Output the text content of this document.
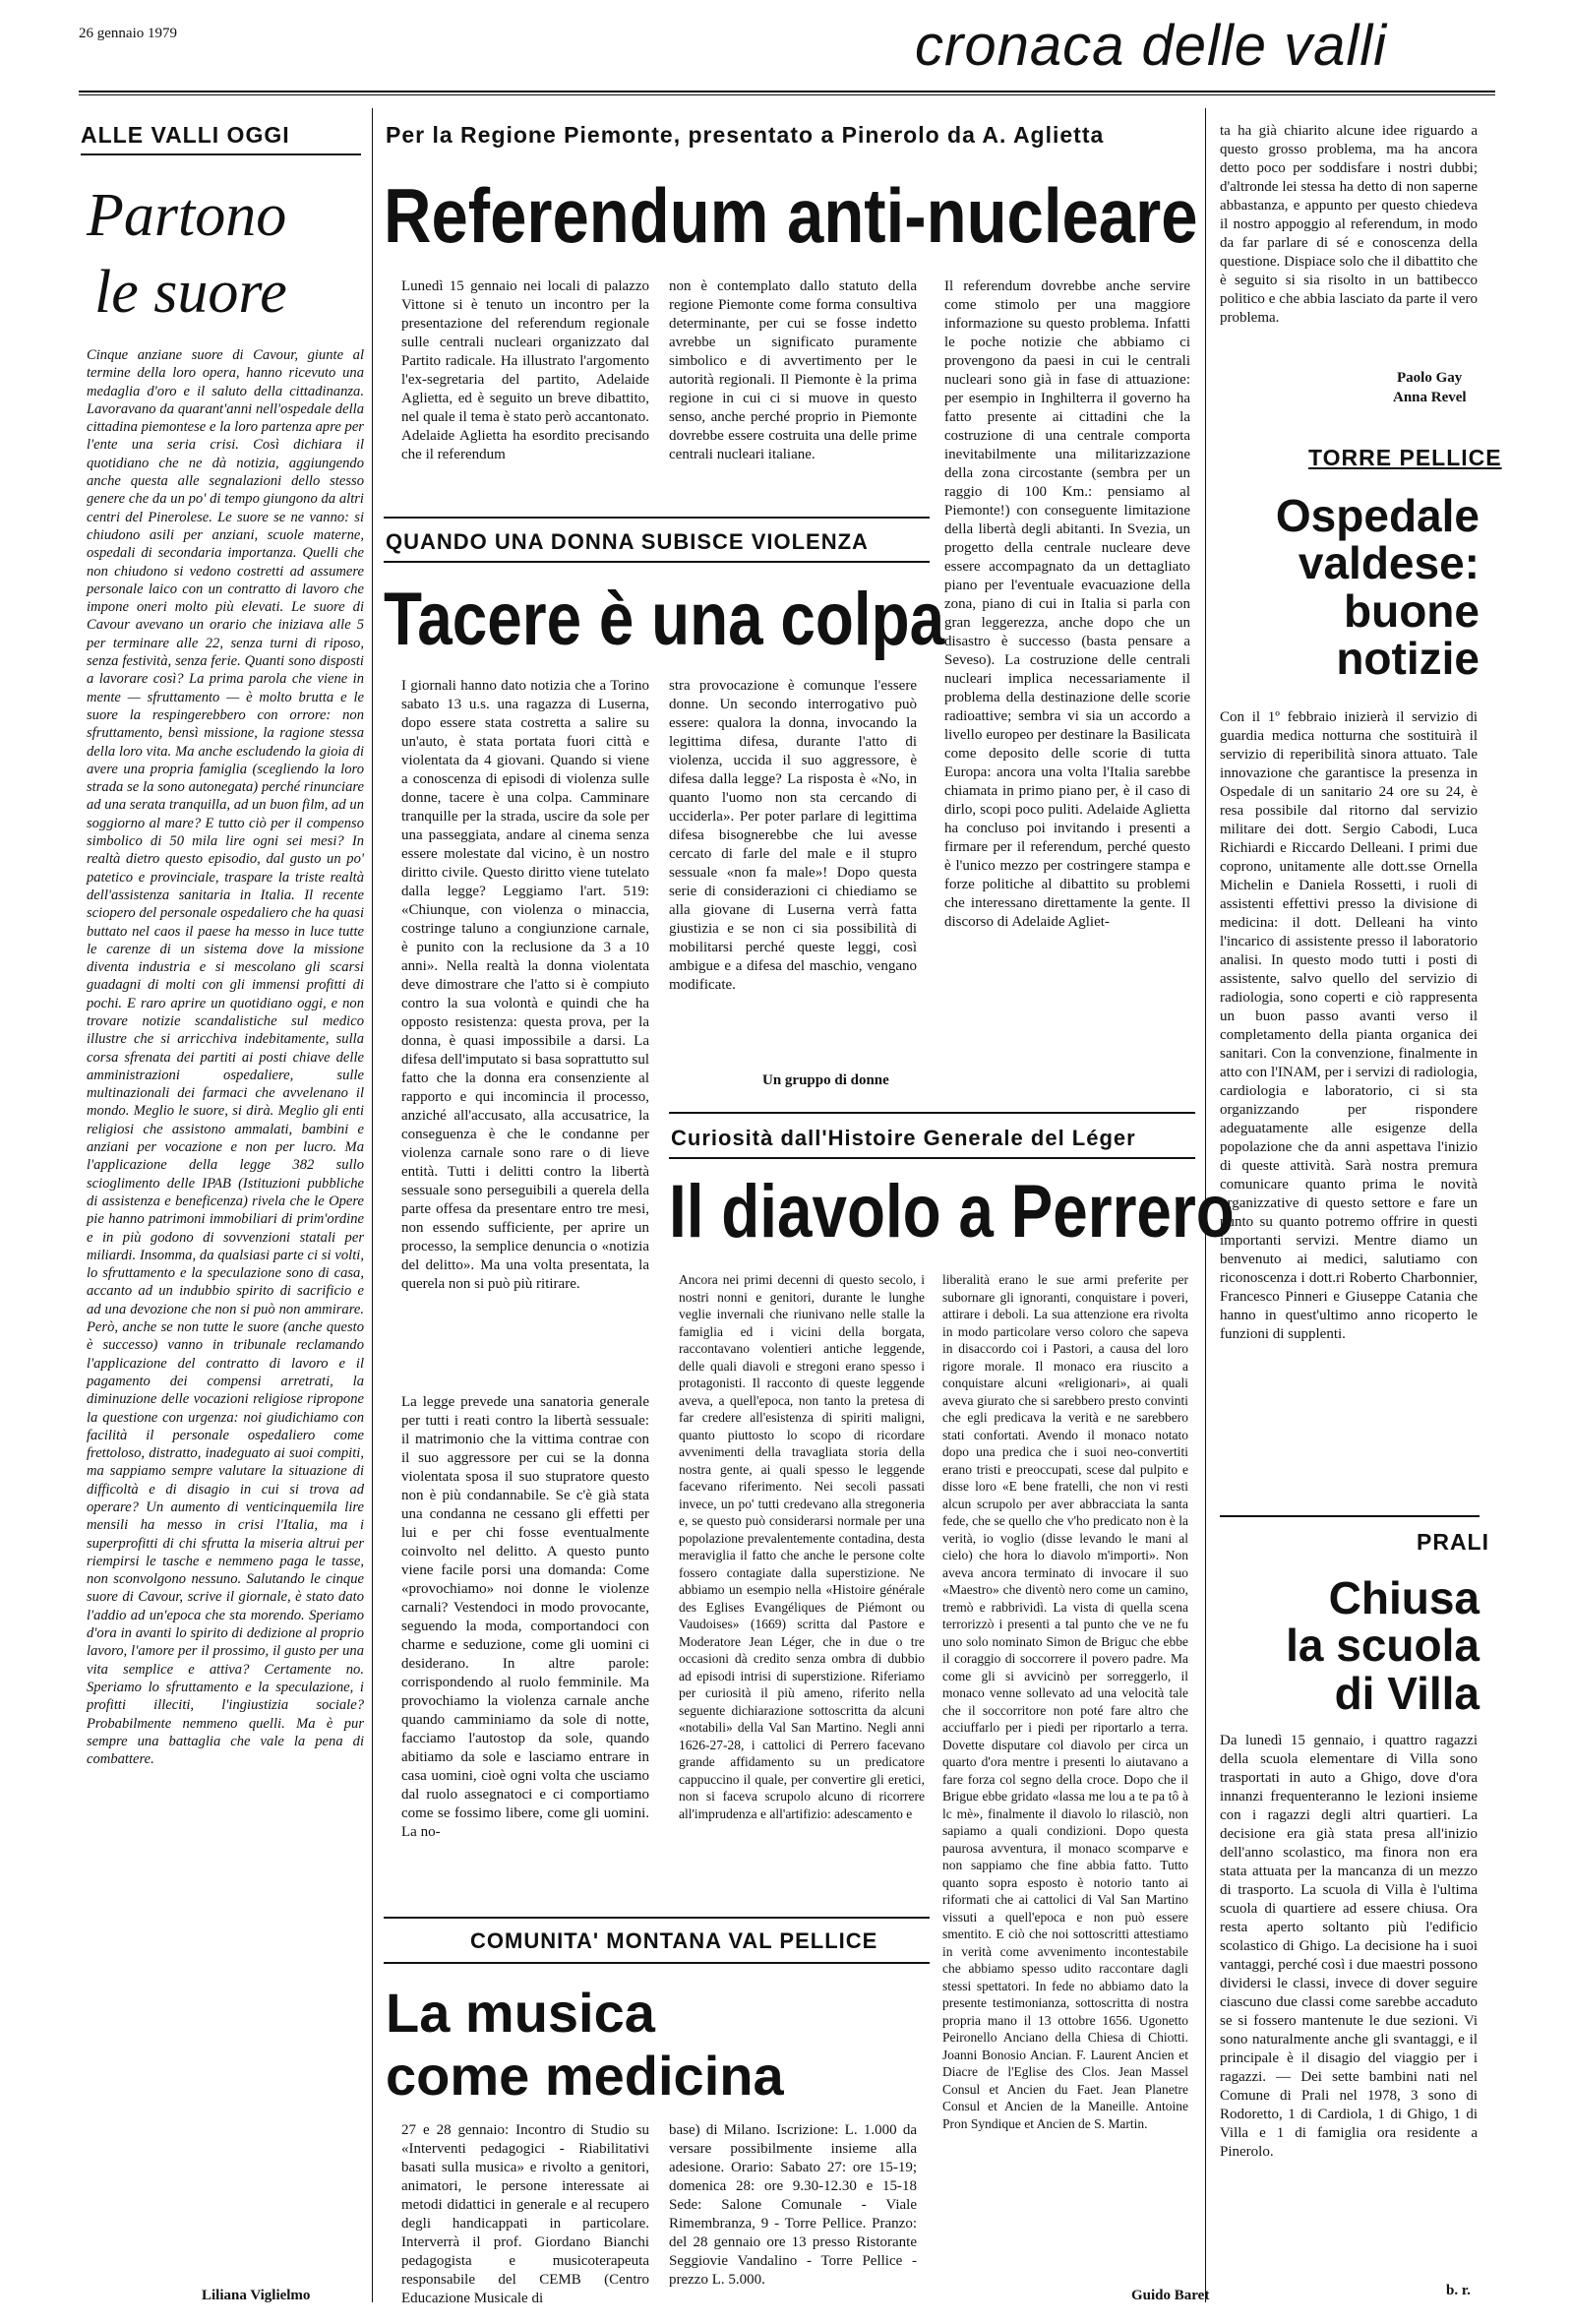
26 gennaio 1979	cronaca delle valli
ALLE VALLI OGGI
Partono
le suore
Cinque anziane suore di Cavour, giunte al termine della loro opera, hanno ricevuto una medaglia d'oro e il saluto della cittadinanza. Lavoravano da quarant'anni nell'ospedale della cittadina piemontese e la loro partenza apre per l'ente una seria crisi. Così dichiara il quotidiano che ne dà notizia, aggiungendo anche questa alle segnalazioni dello stesso genere che da un po' di tempo giungono da altri centri del Pinerolese. Le suore se ne vanno: si chiudono asili per anziani, scuole materne, ospedali di secondaria importanza. Quelli che non chiudono si vedono costretti ad assumere personale laico con un contratto di lavoro che impone oneri molto più elevati. Le suore di Cavour avevano un orario che iniziava alle 5 per terminare alle 22, senza turni di riposo, senza festività, senza ferie. Quanti sono disposti a lavorare così? La prima parola che viene in mente — sfruttamento — è molto brutta e le suore la respingerebbero con orrore: non sfruttamento, bensì missione, la ragione stessa della loro vita. Ma anche escludendo la gioia di avere una propria famiglia (scegliendo la loro strada se la sono autonegata) perché rinunciare ad una serata tranquilla, ad un buon film, ad un soggiorno al mare? E tutto ciò per il compenso simbolico di 50 mila lire ogni sei mesi? In realtà dietro questo episodio, dal gusto un po' patetico e provinciale, traspare la triste realtà dell'assistenza sanitaria in Italia. Il recente sciopero del personale ospedaliero che ha quasi buttato nel caos il paese ha messo in luce tutte le carenze di un sistema dove la missione diventa industria e si mescolano gli scarsi guadagni di molti con gli immensi profitti di pochi. E raro aprire un quotidiano oggi, e non trovare notizie scandalistiche sul medico illustre che si arricchiva indebitamente, sulla corsa sfrenata dei partiti ai posti chiave delle amministrazioni ospedaliere, sulle multinazionali dei farmaci che avvelenano il mondo. Meglio le suore, si dirà. Meglio gli enti religiosi che assistono ammalati, bambini e anziani per vocazione e non per lucro. Ma l'applicazione della legge 382 sullo scioglimento delle IPAB (Istituzioni pubbliche di assistenza e beneficenza) rivela che le Opere pie hanno patrimoni immobiliari di prim'ordine e in più godono di sovvenzioni statali per miliardi. Insomma, da qualsiasi parte ci si volti, lo sfruttamento e la speculazione sono di casa, accanto ad un indubbio spirito di sacrificio e ad una devozione che non si può non ammirare. Però, anche se non tutte le suore (anche questo è successo) vanno in tribunale reclamando l'applicazione del contratto di lavoro e il pagamento dei compensi arretrati, la diminuzione delle vocazioni religiose ripropone la questione con urgenza: noi giudichiamo con facilità il personale ospedaliero come frettoloso, distratto, inadeguato ai suoi compiti, ma sappiamo sempre valutare la situazione di difficoltà e di disagio in cui si trova ad operare? Un aumento di venticinquemila lire mensili ha messo in crisi l'Italia, ma i superprofitti di chi sfrutta la miseria altrui per riempirsi le tasche e nemmeno paga le tasse, non sconvolgono nessuno. Salutando le cinque suore di Cavour, scrive il giornale, è stato dato l'addio ad un'epoca che sta morendo. Speriamo d'ora in avanti lo spirito di dedizione al proprio lavoro, l'amore per il prossimo, il gusto per una vita semplice e attiva? Certamente no. Speriamo lo sfruttamento e la speculazione, i profitti illeciti, l'ingiustizia sociale? Probabilmente nemmeno quelli. Ma è pur sempre una battaglia che vale la pena di combattere.
Liliana Viglielmo
Per la Regione Piemonte, presentato a Pinerolo da A. Aglietta
Referendum anti-nucleare
Lunedì 15 gennaio nei locali di palazzo Vittone si è tenuto un incontro per la presentazione del referendum regionale sulle centrali nucleari organizzato dal Partito radicale. Ha illustrato l'argomento l'ex-segretaria del partito, Adelaide Aglietta, ed è seguito un breve dibattito, nel quale il tema è stato però accantonato. Adelaide Aglietta ha esordito precisando che il referendum
non è contemplato dallo statuto della regione Piemonte come forma consultiva determinante, per cui se fosse indetto avrebbe un significato puramente simbolico e di avvertimento per le autorità regionali. Il Piemonte è la prima regione in cui ci si muove in questo senso, anche perché proprio in Piemonte dovrebbe essere costruita una delle prime centrali nucleari italiane.
Il referendum dovrebbe anche servire come stimolo per una maggiore informazione su questo problema. Infatti le poche notizie che abbiamo ci provengono da paesi in cui le centrali nucleari sono già in fase di attuazione: per esempio in Inghilterra il governo ha fatto presente ai cittadini che la costruzione di una centrale comporta inevitabilmente una militarizzazione della zona circostante (sembra per un raggio di 100 Km.: pensiamo al Piemonte!) con conseguente limitazione della libertà degli abitanti. In Svezia, un progetto della centrale nucleare deve essere accompagnato da un dettagliato piano per l'eventuale evacuazione della zona, piano di cui in Italia si parla con gran leggerezza, anche dopo che un disastro è successo (basta pensare a Seveso). La costruzione delle centrali nucleari implica necessariamente il problema della destinazione delle scorie radioattive; sembra vi sia un accordo a livello europeo per destinare la Basilicata come deposito delle scorie di tutta Europa: ancora una volta l'Italia sarebbe chiamata in primo piano per, è il caso di dirlo, scopi poco puliti. Adelaide Aglietta ha concluso poi invitando i presenti a firmare per il referendum, perché questo è l'unico mezzo per costringere stampa e forze politiche al dibattito su problemi che interessano direttamente la gente. Il discorso di Adelaide Agliet-
ta ha già chiarito alcune idee riguardo a questo grosso problema, ma ha ancora detto poco per soddisfare i nostri dubbi; d'altronde lei stessa ha detto di non saperne abbastanza, e appunto per questo chiedeva il nostro appoggio al referendum, in modo da far parlare di sé e conoscenza della questione. Dispiace solo che il dibattito che è seguito si sia risolto in un battibecco politico e che abbia lasciato da parte il vero problema.
Paolo Gay
Anna Revel
QUANDO UNA DONNA SUBISCE VIOLENZA
Tacere è una colpa
I giornali hanno dato notizia che a Torino sabato 13 u.s. una ragazza di Luserna, dopo essere stata costretta a salire su un'auto, è stata portata fuori città e violentata da 4 giovani. Quando si viene a conoscenza di episodi di violenza sulle donne, tacere è una colpa. Camminare tranquille per la strada, uscire da sole per una passeggiata, andare al cinema senza essere molestate dal vicino, è un nostro diritto civile. Questo diritto viene tutelato dalla legge? Leggiamo l'art. 519: «Chiunque, con violenza o minaccia, costringe taluno a congiunzione carnale, è punito con la reclusione da 3 a 10 anni». Nella realtà la donna violentata deve dimostrare che l'atto si è compiuto contro la sua volontà e quindi che ha opposto resistenza: questa prova, per la donna, è quasi impossibile a darsi. La difesa dell'imputato si basa soprattutto sul fatto che la donna era consenziente al rapporto e qui incomincia il processo, anziché all'accusato, alla accusatrice, la conseguenza è che le condanne per violenza carnale sono rare o di lieve entità. Tutti i delitti contro la libertà sessuale sono perseguibili a querela della parte offesa da presentare entro tre mesi, non essendo sufficiente, per aprire un processo, la semplice denuncia o «notizia del delitto». Ma una volta presentata, la querela non si può più ritirare.
La legge prevede una sanatoria generale per tutti i reati contro la libertà sessuale: il matrimonio che la vittima contrae con il suo aggressore per cui se la donna violentata sposa il suo stupratore questo non è più condannabile. Se c'è già stata una condanna ne cessano gli effetti per lui e per chi fosse eventualmente coinvolto nel delitto. A questo punto viene facile porsi una domanda: Come «provochiamo» noi donne le violenze carnali? Vestendoci in modo provocante, seguendo la moda, comportandoci con charme e seduzione, come gli uomini ci desiderano. In altre parole: corrispondendo al ruolo femminile. Ma provochiamo la violenza carnale anche quando camminiamo da sole di notte, facciamo l'autostop da sole, quando abitiamo da sole e lasciamo entrare in casa uomini, cioè ogni volta che usciamo dal ruolo assegnatoci e ci comportiamo come se fossimo libere, come gli uomini. La no-
stra provocazione è comunque l'essere donne. Un secondo interrogativo può essere: qualora la donna, invocando la legittima difesa, durante l'atto di violenza, uccida il suo aggressore, è difesa dalla legge? La risposta è «No, in quanto l'uomo non sta cercando di ucciderla». Per poter parlare di legittima difesa bisognerebbe che lui avesse cercato di farle del male e il stupro sessuale «non fa male»! Dopo questa serie di considerazioni ci chiediamo se alla giovane di Luserna verrà fatta giustizia e se non ci sia possibilità di mobilitarsi perché queste leggi, così ambigue e a difesa del maschio, vengano modificate.
Un gruppo di donne
Curiosità dall'Histoire Generale del Léger
Il diavolo a Perrero
Ancora nei primi decenni di questo secolo, i nostri nonni e genitori, durante le lunghe veglie invernali che riunivano nelle stalle la famiglia ed i vicini della borgata, raccontavano volentieri antiche leggende, delle quali diavoli e stregoni erano spesso i protagonisti. Il racconto di queste leggende aveva, a quell'epoca, non tanto la pretesa di far credere all'esistenza di spiriti maligni, quanto piuttosto lo scopo di ricordare avvenimenti della travagliata storia della nostra gente, ai quali spesso le leggende facevano riferimento. Nei secoli passati invece, un po' tutti credevano alla stregoneria e, se questo può considerarsi normale per una popolazione prevalentemente contadina, desta meraviglia il fatto che anche le persone colte fossero contagiate dalla superstizione. Ne abbiamo un esempio nella «Histoire générale des Eglises Evangéliques de Piémont ou Vaudoises» (1669) scritta dal Pastore e Moderatore Jean Léger, che in due o tre occasioni dà credito senza ombra di dubbio ad episodi intrisi di superstizione. Riferiamo per curiosità il più ameno, riferito nella seguente dichiarazione sottoscritta da alcuni «notabili» della Val San Martino. Negli anni 1626-27-28, i cattolici di Perrero facevano grande affidamento su un predicatore cappuccino il quale, per convertire gli eretici, non si faceva scrupolo alcuno di ricorrere all'imprudenza e all'artifizio: adescamento e
liberalità erano le sue armi preferite per subornare gli ignoranti, conquistare i poveri, attirare i deboli. La sua attenzione era rivolta in modo particolare verso coloro che sapeva in disaccordo coi i Pastori, a causa del loro rigore morale. Il monaco era riuscito a conquistare alcuni «religionari», ai quali aveva giurato che si sarebbero presto convinti che egli predicava la verità e ne sarebbero stati confortati. Avendo il monaco notato dopo una predica che i suoi neo-convertiti erano tristi e preoccupati, scese dal pulpito e disse loro «E bene fratelli, che non vi resti alcun scrupolo per aver abbracciata la santa fede, che se quello che v'ho predicato non è la verità, io voglio (disse levando le mani al cielo) che hora lo diavolo m'importi». Non aveva ancora terminato di invocare il suo «Maestro» che diventò nero come un camino, tremò e rabbrividì. La vista di quella scena terrorizzò i presenti a tal punto che ve ne fu uno solo nominato Simon de Briguc che ebbe il coraggio di soccorrere il povero padre. Ma come gli si avvicinò per sorreggerlo, il monaco venne sollevato ad una velocità tale che il soccorritore non poté fare altro che acciuffarlo per i piedi per riportarlo a terra. Dovette disputare col diavolo per circa un quarto d'ora mentre i presenti lo aiutavano a fare forza col segno della croce. Dopo che il Brigue ebbe gridato «lassa me lou a te pa tô à lc mè», finalmente il diavolo lo rilasciò, non sapiamo a quali condizioni. Dopo questa paurosa avventura, il monaco scomparve e non sappiamo che fine abbia fatto. Tutto quanto sopra esposto è notorio tanto ai riformati che ai cattolici di Val San Martino vissuti a quell'epoca e non può essere smentito. E ciò che noi sottoscritti attestiamo in verità come avvenimento incontestabile che abbiamo spesso udito raccontare dagli stessi spettatori. In fede no abbiamo dato la presente testimonianza, sottoscritta di nostra propria mano il 13 ottobre 1656. Ugonetto Peironello Anciano della Chiesa di Chiotti. Joanni Bonosio Ancian. F. Laurent Ancien et Diacre de l'Eglise des Clos. Jean Massel Consul et Ancien du Faet. Jean Planetre Consul et Ancien de la Maneille. Antoine Pron Syndique et Ancien de S. Martin.
Guido Baret
COMUNITA' MONTANA VAL PELLICE
La musica
come medicina
27 e 28 gennaio: Incontro di Studio su «Interventi pedagogici - Riabilitativi basati sulla musica» e rivolto a genitori, animatori, le persone interessate ai metodi didattici in generale e al recupero degli handicappati in particolare. Interverrà il prof. Giordano Bianchi pedagogista e musicoterapeuta responsabile del CEMB (Centro Educazione Musicale di
base) di Milano. Iscrizione: L. 1.000 da versare possibilmente insieme alla adesione. Orario: Sabato 27: ore 15-19; domenica 28: ore 9.30-12.30 e 15-18 Sede: Salone Comunale - Viale Rimembranza, 9 - Torre Pellice. Pranzo: del 28 gennaio ore 13 presso Ristorante Seggiovie Vandalino - Torre Pellice - prezzo L. 5.000.
TORRE PELLICE
Ospedale
valdese:
buone
notizie
Con il 1º febbraio inizierà il servizio di guardia medica notturna che sostituirà il servizio di reperibilità sinora attuato. Tale innovazione che garantisce la presenza in Ospedale di un sanitario 24 ore su 24, è resa possibile dal ritorno dal servizio militare dei dott. Sergio Cabodi, Luca Richiardi e Riccardo Delleani. I primi due coprono, unitamente alle dott.sse Ornella Michelin e Daniela Rossetti, i ruoli di assistenti effettivi presso la divisione di medicina: il dott. Delleani ha vinto l'incarico di assistente presso il laboratorio analisi. In questo modo tutti i posti di assistente, salvo quello del servizio di radiologia, sono coperti e ciò rappresenta un buon passo avanti verso il completamento della pianta organica dei sanitari. Con la convenzione, finalmente in atto con l'INAM, per i servizi di radiologia, cardiologia e laboratorio, ci si sta organizzando per rispondere adeguatamente alle esigenze della popolazione che da anni aspettava l'inizio di queste attività. Sarà nostra premura comunicare quanto prima le novità organizzative di questo settore e fare un punto su quanto potremo offrire in questi importanti servizi. Mentre diamo un benvenuto ai medici, salutiamo con riconoscenza i dott.ri Roberto Charbonnier, Francesco Pinneri e Giuseppe Catania che hanno in quest'ultimo anno ricoperto le funzioni di supplenti.
PRALI
Chiusa
la scuola
di Villa
Da lunedì 15 gennaio, i quattro ragazzi della scuola elementare di Villa sono trasportati in auto a Ghigo, dove d'ora innanzi frequenteranno le lezioni insieme con i ragazzi degli altri quartieri. La decisione era già stata presa all'inizio dell'anno scolastico, ma finora non era stata attuata per la mancanza di un mezzo di trasporto. La scuola di Villa è l'ultima scuola di quartiere ad essere chiusa. Ora resta aperto soltanto più l'edificio scolastico di Ghigo. La decisione ha i suoi vantaggi, perché così i due maestri possono dividersi le classi, invece di dover seguire ciascuno due classi come sarebbe accaduto se si fossero mantenute le due sezioni. Vi sono naturalmente anche gli svantaggi, e il principale è il disagio del viaggio per i ragazzi. — Dei sette bambini nati nel Comune di Prali nel 1978, 3 sono di Rodoretto, 1 di Cardiola, 1 di Ghigo, 1 di Villa e 1 di famiglia ora residente a Pinerolo.
b. r.
